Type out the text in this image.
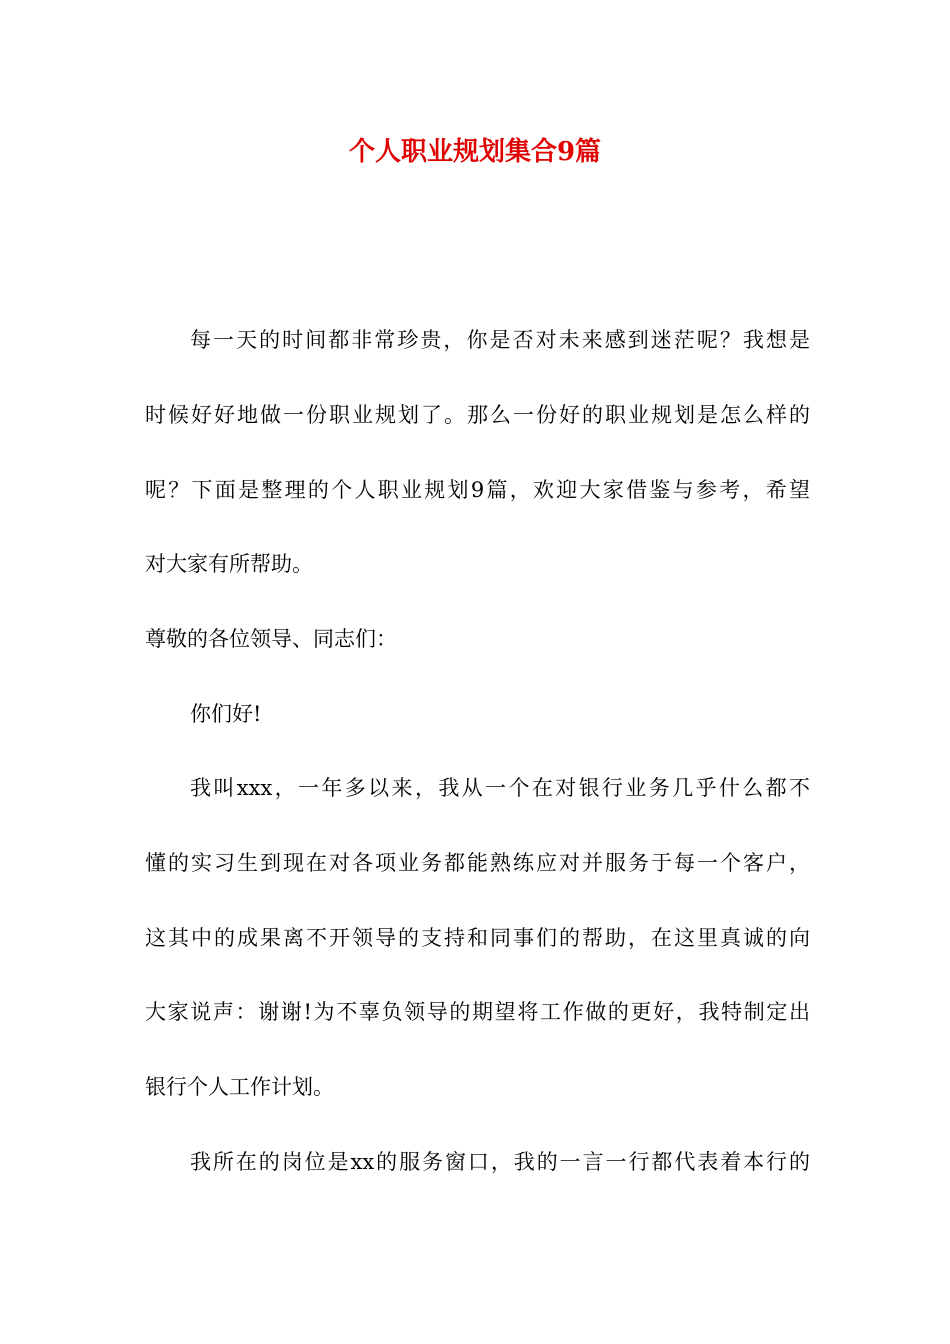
个人职业规划集合9篇
每一天的时间都非常珍贵，你是否对未来感到迷茫呢？我想是
时候好好地做一份职业规划了。那么一份好的职业规划是怎么样的
呢？下面是整理的个人职业规划9篇，欢迎大家借鉴与参考，希望
对大家有所帮助。
尊敬的各位领导、同志们：
你们好!
我叫xxx，一年多以来，我从一个在对银行业务几乎什么都不
懂的实习生到现在对各项业务都能熟练应对并服务于每一个客户，
这其中的成果离不开领导的支持和同事们的帮助，在这里真诚的向
大家说声：谢谢!为不辜负领导的期望将工作做的更好，我特制定出
银行个人工作计划。
我所在的岗位是xx的服务窗口，我的一言一行都代表着本行的
